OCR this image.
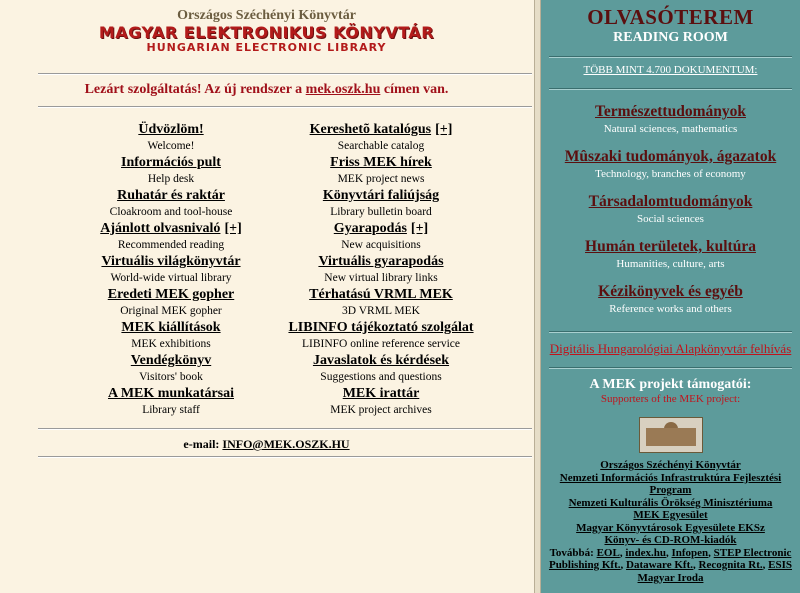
Országos Széchényi Könyvtár
MAGYAR ELEKTRONIKUS KÖNYVTÁR
HUNGARIAN ELECTRONIC LIBRARY
Lezárt szolgáltatás! Az új rendszer a mek.oszk.hu címen van.
Üdvözlöm!
Welcome!
Kereshetõ katalógus [+]
Searchable catalog
Információs pult
Help desk
Friss MEK hírek
MEK project news
Ruhatár és raktár
Cloakroom and tool-house
Könyvtári faliújság
Library bulletin board
Ajánlott olvasnivaló [+]
Recommended reading
Gyarapodás [+]
New acquisitions
Virtuális világkönyvtár
World-wide virtual library
Virtuális gyarapodás
New virtual library links
Eredeti MEK gopher
Original MEK gopher
Térhatású VRML MEK
3D VRML MEK
MEK kiállítások
MEK exhibitions
LIBINFO tájékoztató szolgálat
LIBINFO online reference service
Vendégkönyv
Visitors' book
Javaslatok és kérdések
Suggestions and questions
A MEK munkatársai
Library staff
MEK irattár
MEK project archives
e-mail: INFO@MEK.OSZK.HU
OLVASÓTEREM
READING ROOM
TÖBB MINT 4.700 DOKUMENTUM:
Természettudományok
Natural sciences, mathematics
Mûszaki tudományok, ágazatok
Technology, branches of economy
Társadalomtudományok
Social sciences
Humán területek, kultúra
Humanities, culture, arts
Kézikönyvek és egyéb
Reference works and others
Digitális Hungarológiai Alapkönyvtár felhívás
A MEK projekt támogatói:
Supporters of the MEK project:
Országos Széchényi Könyvtár
Nemzeti Információs Infrastruktúra Fejlesztési Program
Nemzeti Kulturális Örökség Minisztériuma
MEK Egyesület
Magyar Könyvtárosok Egyesülete EKSz
Könyv- és CD-ROM-kiadók
Továbbá: EOL, index.hu, Infopen, STEP Electronic Publishing Kft., Dataware Kft., Recognita Rt., ESIS Magyar Iroda
